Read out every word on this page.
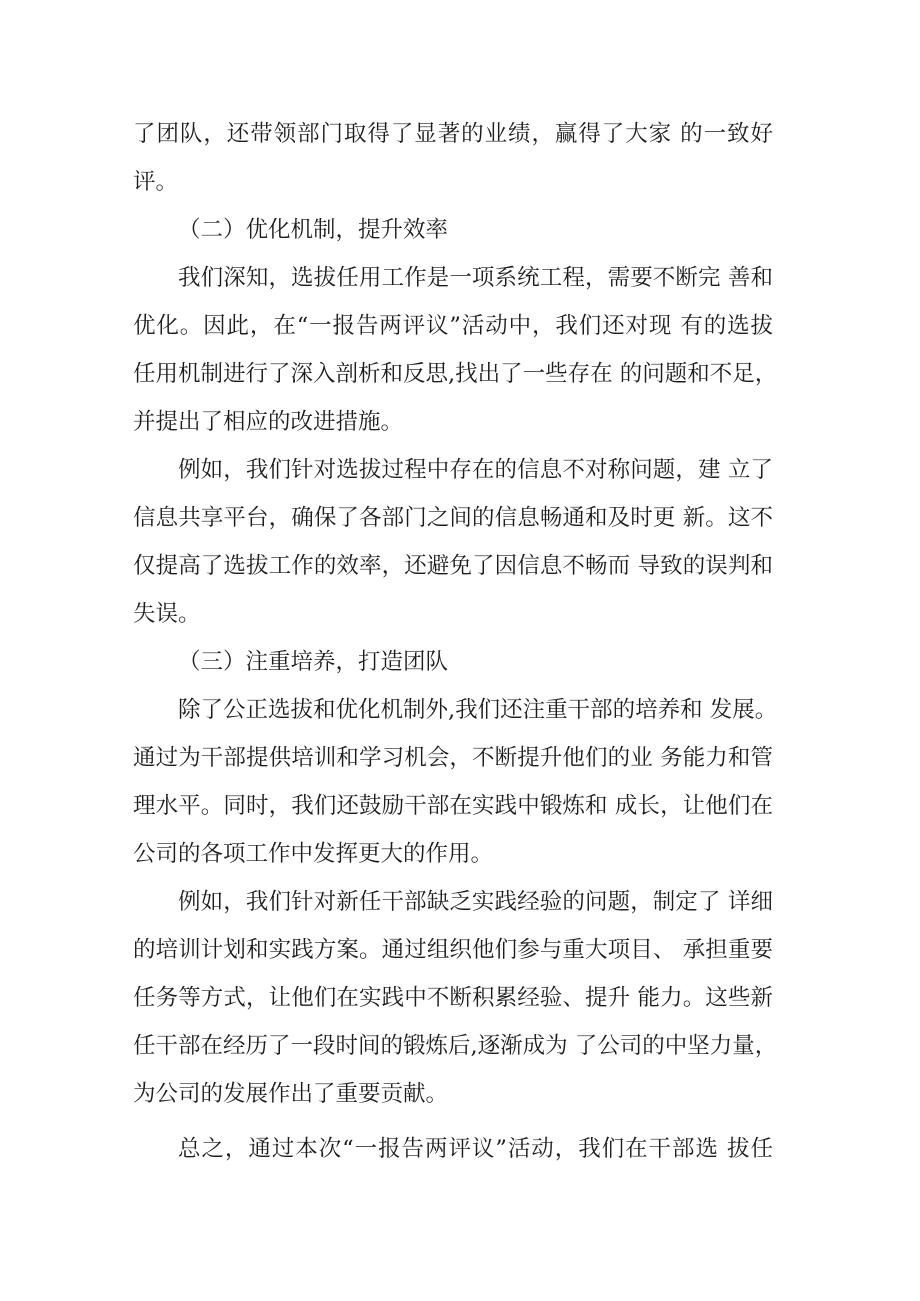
了团队，还带领部门取得了显著的业绩，赢得了大家 的一致好
评。
（二）优化机制，提升效率
我们深知，选拔任用工作是一项系统工程，需要不断完 善和
优化。因此，在“一报告两评议”活动中，我们还对现 有的选拔
任用机制进行了深入剖析和反思,找出了一些存在 的问题和不足，
并提出了相应的改进措施。
例如，我们针对选拔过程中存在的信息不对称问题，建 立了
信息共享平台，确保了各部门之间的信息畅通和及时更 新。这不
仅提高了选拔工作的效率，还避免了因信息不畅而 导致的误判和
失误。
（三）注重培养，打造团队
除了公正选拔和优化机制外,我们还注重干部的培养和 发展。
通过为干部提供培训和学习机会，不断提升他们的业 务能力和管
理水平。同时，我们还鼓励干部在实践中锻炼和 成长，让他们在
公司的各项工作中发挥更大的作用。
例如，我们针对新任干部缺乏实践经验的问题，制定了 详细
的培训计划和实践方案。通过组织他们参与重大项目、 承担重要
任务等方式，让他们在实践中不断积累经验、提升 能力。这些新
任干部在经历了一段时间的锻炼后,逐渐成为 了公司的中坚力量，
为公司的发展作出了重要贡献。
总之，通过本次“一报告两评议”活动，我们在干部选 拔任
